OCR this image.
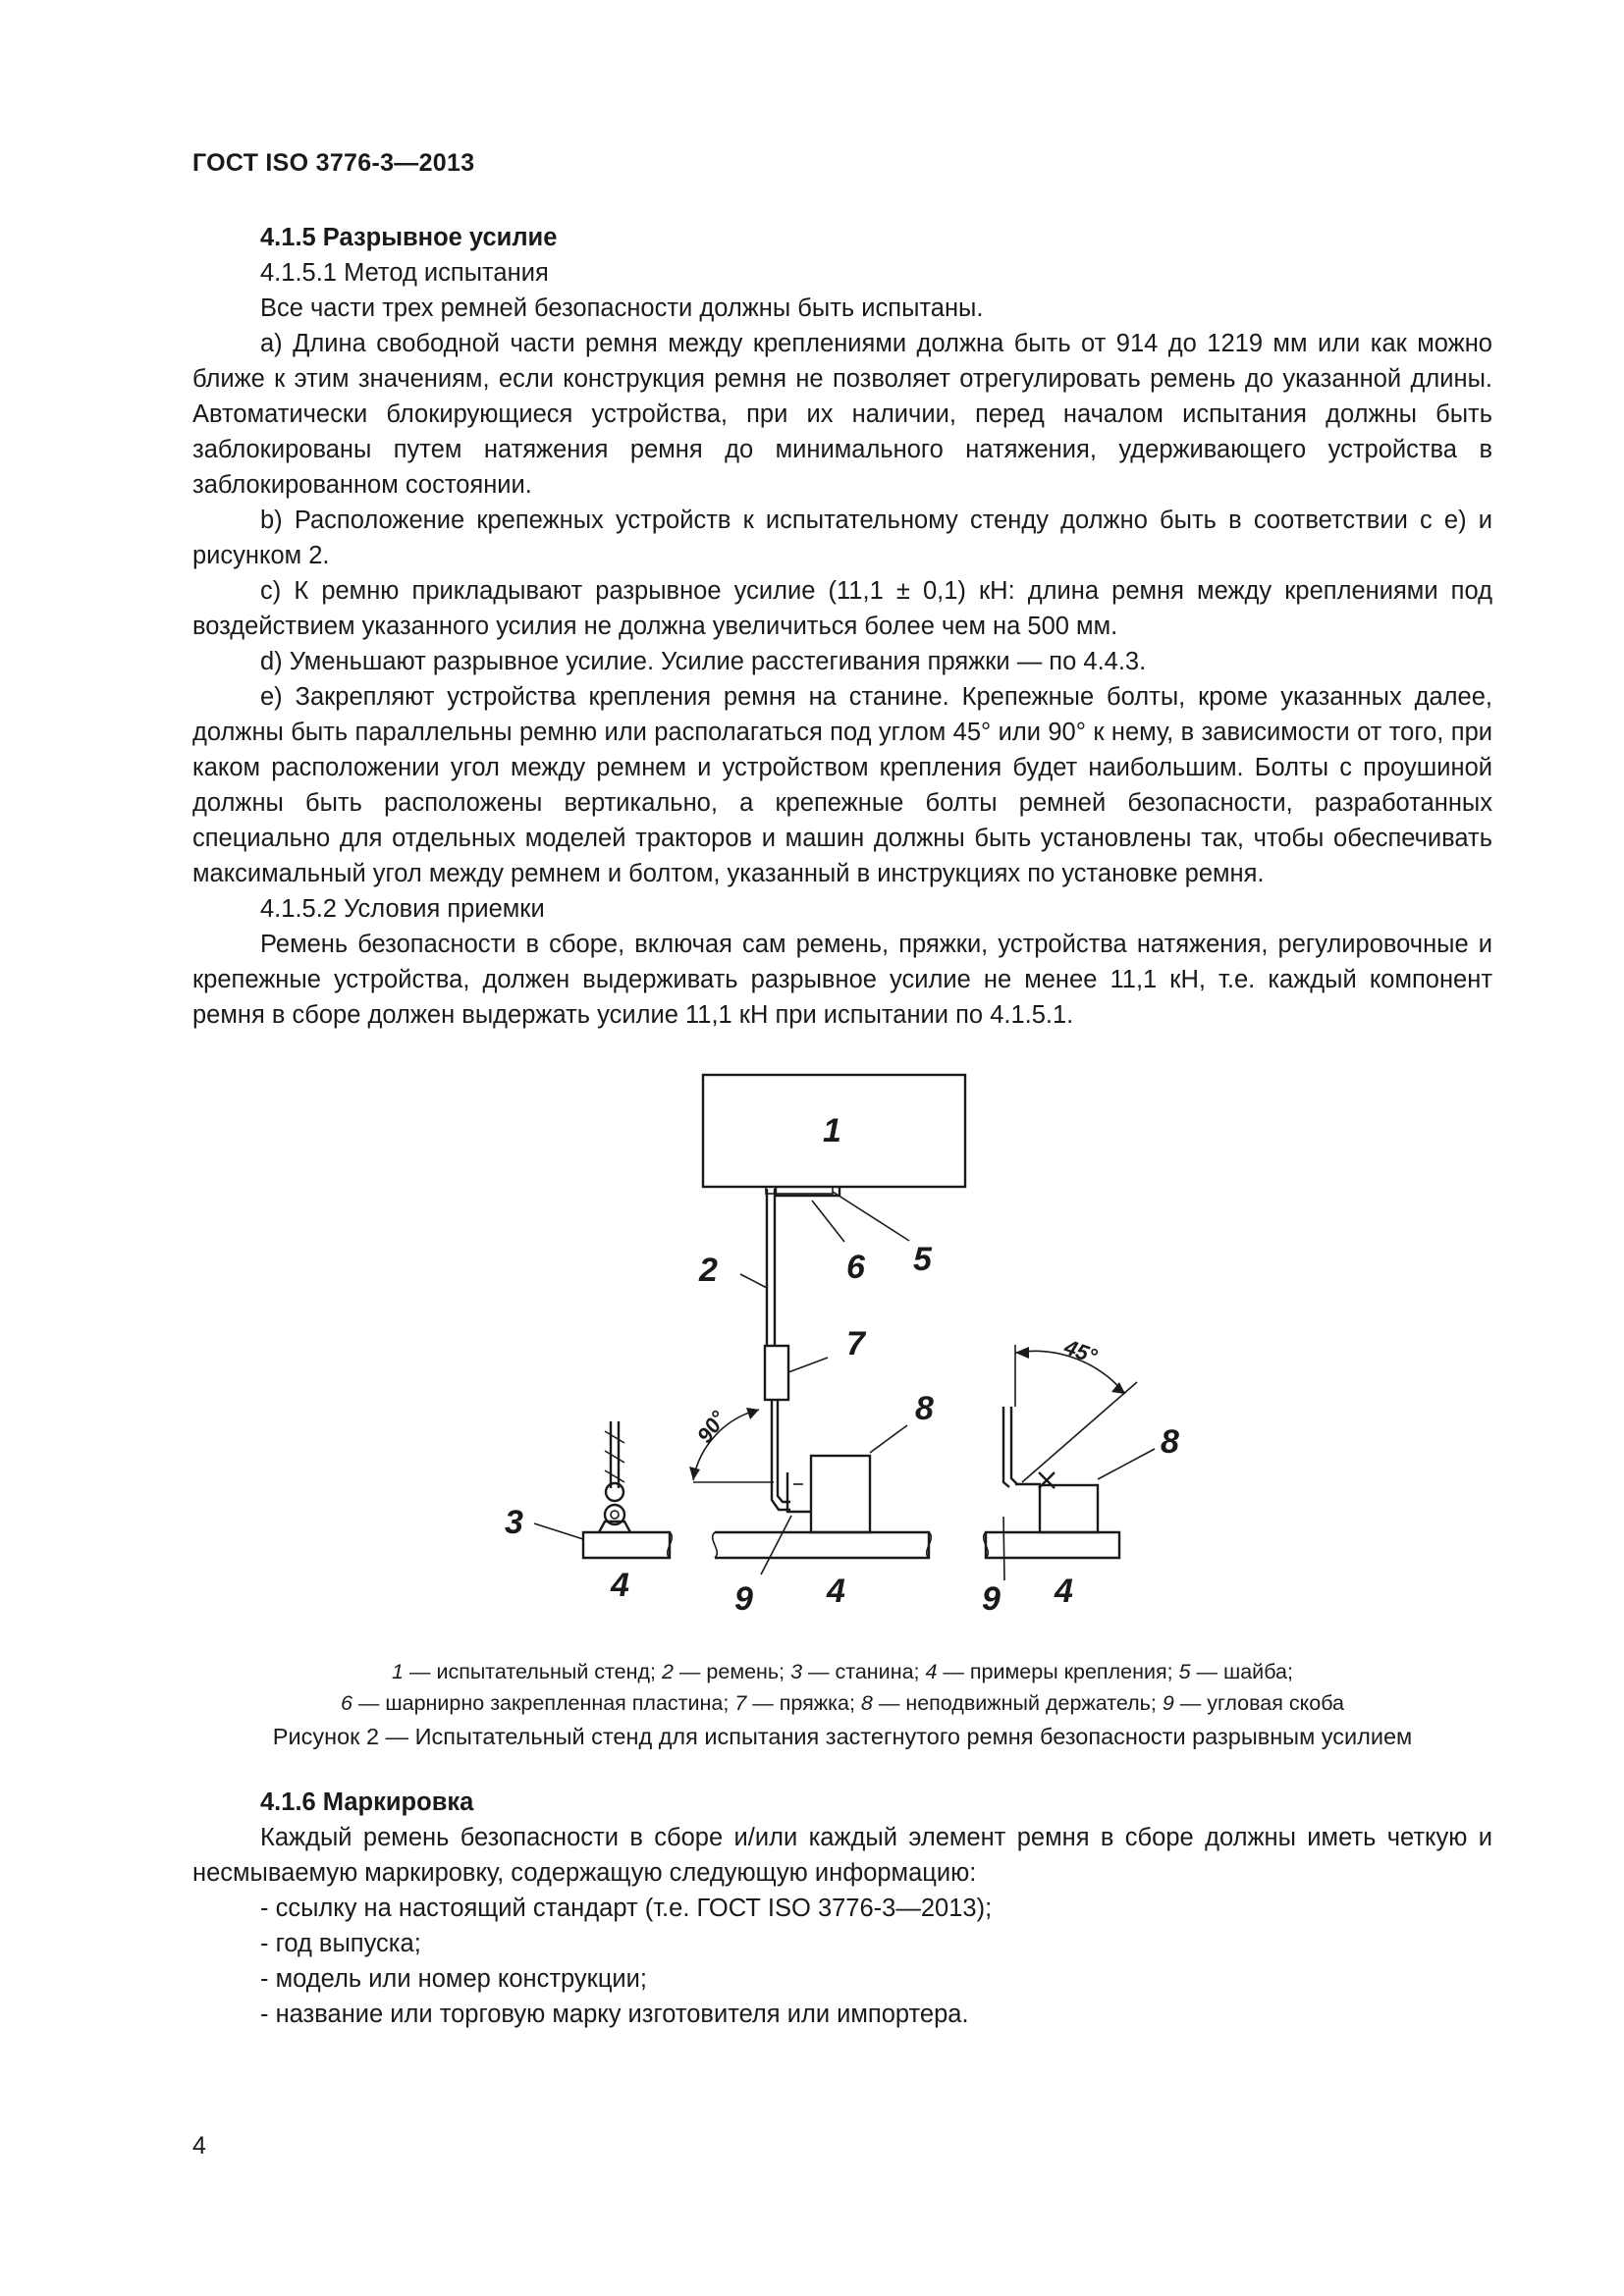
ГОСТ ISO 3776-3—2013

4.1.5 Разрывное усилие

4.1.5.1 Метод испытания

Все части трех ремней безопасности должны быть испытаны.

a) Длина свободной части ремня между креплениями должна быть от 914 до 1219 мм или как можно ближе к этим значениям, если конструкция ремня не позволяет отрегулировать ремень до указанной длины. Автоматически блокирующиеся устройства, при их наличии, перед началом испытания должны быть заблокированы путем натяжения ремня до минимального натяжения, удерживающего устройства в заблокированном состоянии.

b) Расположение крепежных устройств к испытательному стенду должно быть в соответствии с е) и рисунком 2.

c) К ремню прикладывают разрывное усилие (11,1 ± 0,1) кН: длина ремня между креплениями под воздействием указанного усилия не должна увеличиться более чем на 500 мм.

d) Уменьшают разрывное усилие. Усилие расстегивания пряжки — по 4.4.3.

e) Закрепляют устройства крепления ремня на станине. Крепежные болты, кроме указанных далее, должны быть параллельны ремню или располагаться под углом 45° или 90° к нему, в зависимости от того, при каком расположении угол между ремнем и устройством крепления будет наибольшим. Болты с проушиной должны быть расположены вертикально, а крепежные болты ремней безопасности, разработанных специально для отдельных моделей тракторов и машин должны быть установлены так, чтобы обеспечивать максимальный угол между ремнем и болтом, указанный в инструкциях по установке ремня.

4.1.5.2 Условия приемки

Ремень безопасности в сборе, включая сам ремень, пряжки, устройства натяжения, регулировочные и крепежные устройства, должен выдерживать разрывное усилие не менее 11,1 кН, т.е. каждый компонент ремня в сборе должен выдержать усилие 11,1 кН при испытании по 4.1.5.1.

1
90°
45°
2	6 5
7
8
8
3
4	4	4
9	9
1 — испытательный стенд; 2 — ремень; 3 — станина; 4 — примеры крепления; 5 — шайба;
6 — шарнирно закрепленная пластина; 7 — пряжка; 8 — неподвижный держатель; 9 — угловая скоба
Рисунок 2 — Испытательный стенд для испытания застегнутого ремня безопасности разрывным усилием

4.1.6 Маркировка

Каждый ремень безопасности в сборе и/или каждый элемент ремня в сборе должны иметь четкую и несмываемую маркировку, содержащую следующую информацию:

- ссылку на настоящий стандарт (т.е. ГОСТ ISO 3776-3—2013);

- год выпуска;

- модель или номер конструкции;

- название или торговую марку изготовителя или импортера.

4
